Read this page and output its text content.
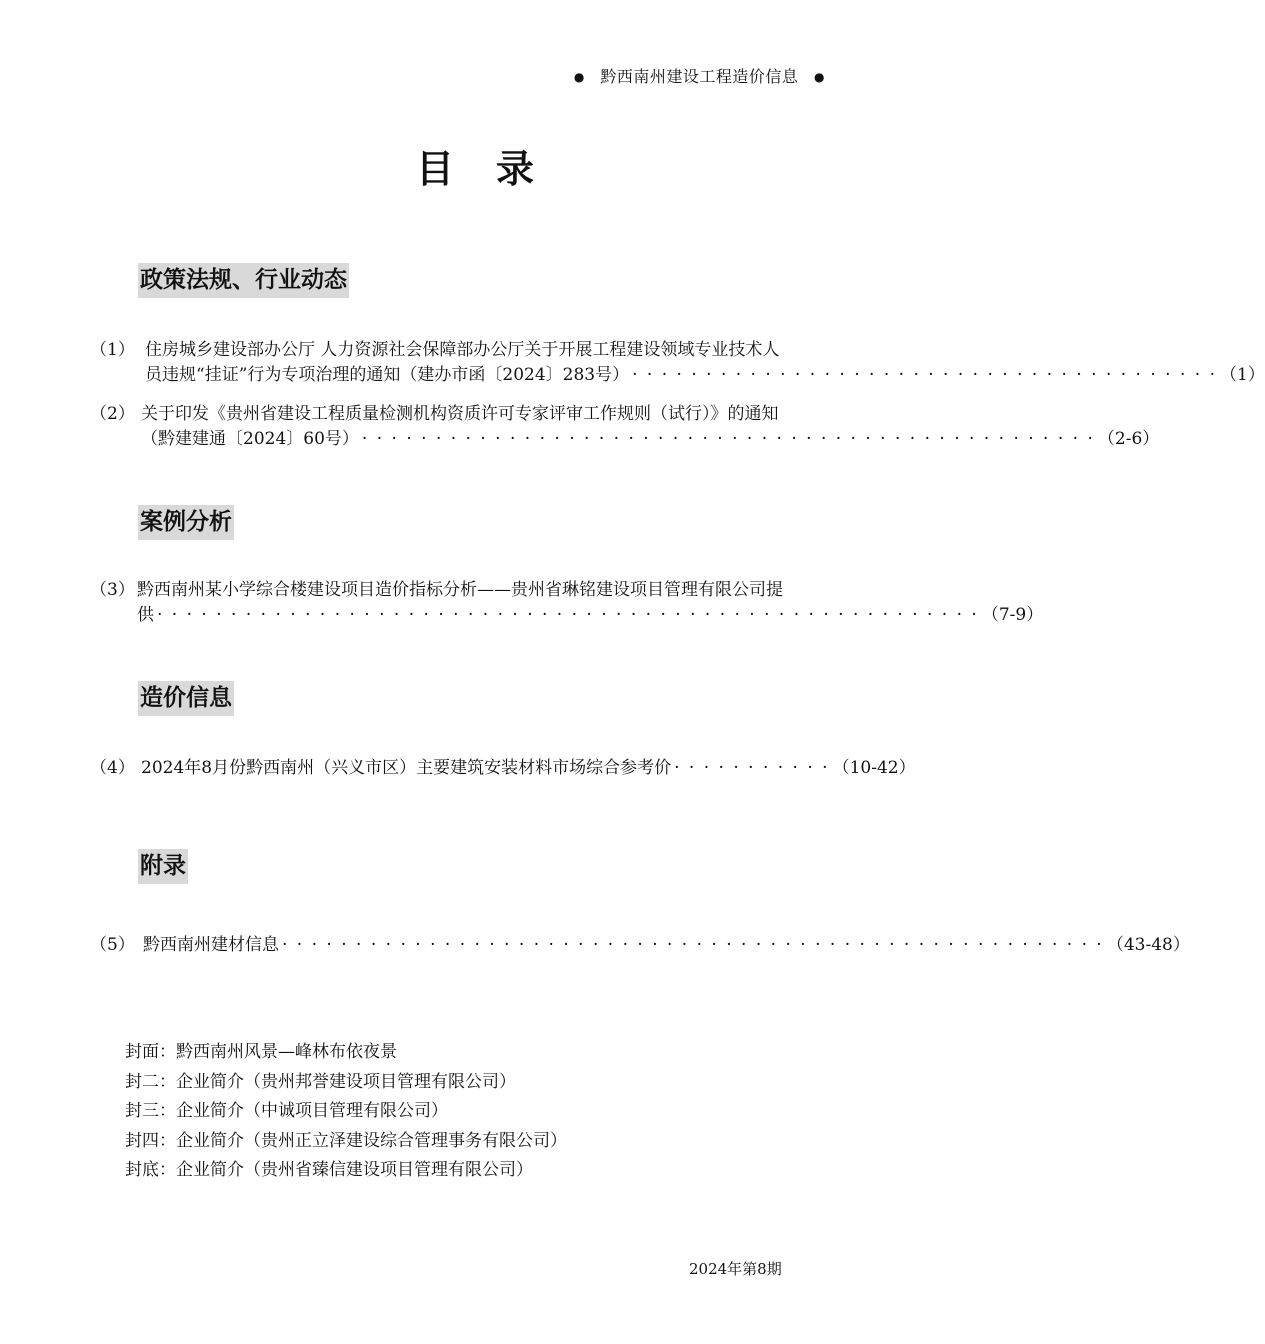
● 黔西南州建设工程造价信息 ●
目录
政策法规、行业动态
（1） 住房城乡建设部办公厅 人力资源社会保障部办公厅关于开展工程建设领域专业技术人
员违规“挂证”行为专项治理的通知（建办市函〔2024〕283号） · · · · · · · · · · · · · · · · · · · · · · · · · · · · · · · · · · · · · · · · （1）
（2） 关于印发《贵州省建设工程质量检测机构资质许可专家评审工作规则（试行）》的通知
（黔建建通〔2024〕60号） · · · · · · · · · · · · · · · · · · · · · · · · · · · · · · · · · · · · · · · · · · · · · · · · · · （2-6）
案例分析
（3） 黔西南州某小学综合楼建设项目造价指标分析——贵州省琳铭建设项目管理有限公司提
供 · · · · · · · · · · · · · · · · · · · · · · · · · · · · · · · · · · · · · · · · · · · · · · · · · · · · · · · · （7-9）
造价信息
（4） 2024年8月份黔西南州（兴义市区）主要建筑安装材料市场综合参考价 · · · · · · · · · · · （10-42）
附录
（5） 黔西南州建材信息 · · · · · · · · · · · · · · · · · · · · · · · · · · · · · · · · · · · · · · · · · · · · · · · · · · · · · · · · （43-48）
封面：黔西南州风景—峰林布依夜景
封二：企业简介（贵州邦誉建设项目管理有限公司）
封三：企业简介（中诚项目管理有限公司）
封四：企业简介（贵州正立泽建设综合管理事务有限公司）
封底：企业简介（贵州省臻信建设项目管理有限公司）
2024年第8期
